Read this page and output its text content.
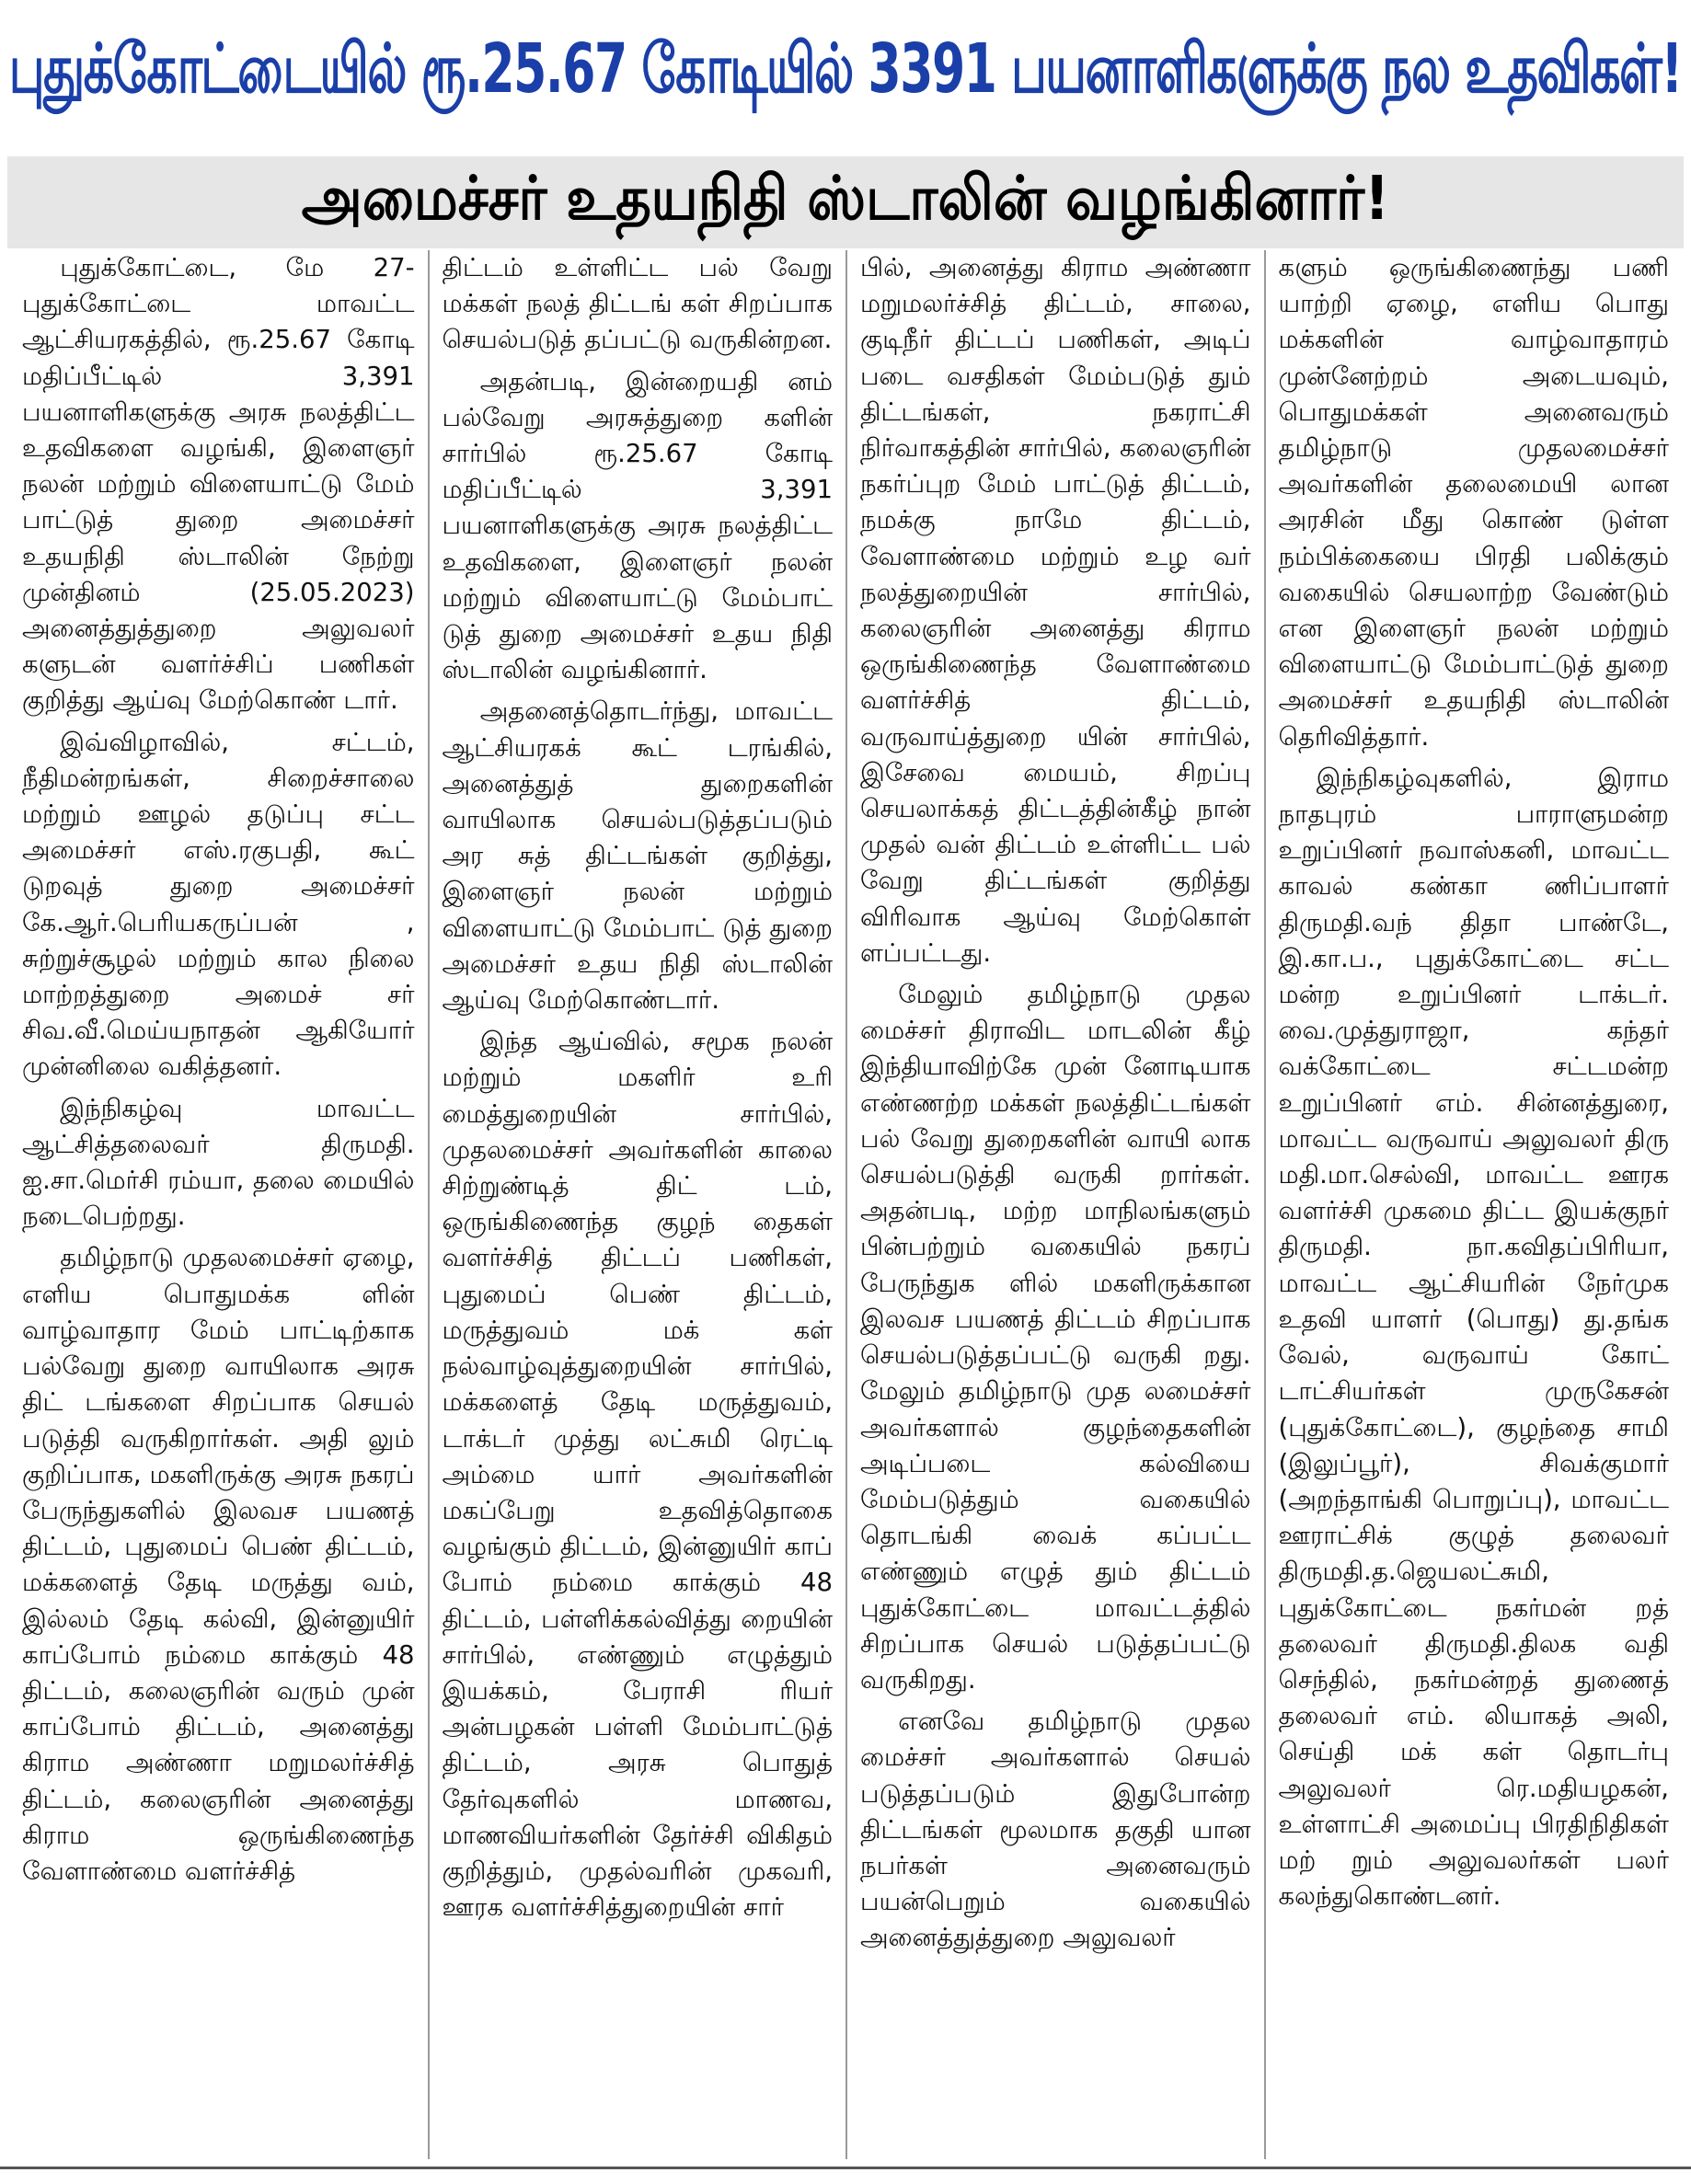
புதுக்கோட்டையில் ரூ.25.67 கோடியில் 3391 பயனாளிகளுக்கு நல உதவிகள்!
அமைச்சர் உதயநிதி ஸ்டாலின் வழங்கினார்!

புதுக்கோட்டை, மே 27- புதுக்கோட்டை மாவட்ட ஆட்சியரகத்தில், ரூ.25.67 கோடி மதிப்பீட்டில் 3,391 பயனாளிகளுக்கு அரசு நலத்திட்ட உதவிகளை வழங்கி, இளைஞர் நலன் மற்றும் விளையாட்டு மேம் பாட்டுத் துறை அமைச்சர் உதயநிதி ஸ்டாலின் நேற்று முன்தினம் (25.05.2023) அனைத்துத்துறை அலுவலர் களுடன் வளர்ச்சிப் பணிகள் குறித்து ஆய்வு மேற்கொண் டார்.

இவ்விழாவில், சட்டம், நீதிமன்றங்கள், சிறைச்சாலை மற்றும் ஊழல் தடுப்பு சட்ட அமைச்சர் எஸ்.ரகுபதி, கூட் டுறவுத் துறை அமைச்சர் கே.ஆர்.பெரியகருப்பன் , சுற்றுச்சூழல் மற்றும் கால நிலை மாற்றத்துறை அமைச் சர் சிவ.வீ.மெய்யநாதன் ஆகியோர் முன்னிலை வகித்தனர்.

இந்நிகழ்வு மாவட்ட ஆட்சித்தலைவர் திருமதி. ஐ.சா.மெர்சி ரம்யா, தலை மையில் நடைபெற்றது.

தமிழ்நாடு முதலமைச்சர் ஏழை, எளிய பொதுமக்க ளின் வாழ்வாதார மேம் பாட்டிற்காக பல்வேறு துறை வாயிலாக அரசு திட் டங்களை சிறப்பாக செயல் படுத்தி வருகிறார்கள். அதி லும் குறிப்பாக, மகளிருக்கு அரசு நகரப் பேருந்துகளில் இலவச பயணத் திட்டம், புதுமைப் பெண் திட்டம், மக்களைத் தேடி மருத்து வம், இல்லம் தேடி கல்வி, இன்னுயிர் காப்போம் நம்மை காக்கும் 48 திட்டம், கலைஞரின் வரும் முன் காப்போம் திட்டம், அனைத்து கிராம அண்ணா மறுமலர்ச்சித் திட்டம், கலைஞரின் அனைத்து கிராம ஒருங்கிணைந்த வேளாண்மை வளர்ச்சித்

திட்டம் உள்ளிட்ட பல் வேறு மக்கள் நலத் திட்டங் கள் சிறப்பாக செயல்படுத் தப்பட்டு வருகின்றன.

அதன்படி, இன்றையதி னம் பல்வேறு அரசுத்துறை களின் சார்பில் ரூ.25.67 கோடி மதிப்பீட்டில் 3,391 பயனாளிகளுக்கு அரசு நலத்திட்ட உதவிகளை, இளைஞர் நலன் மற்றும் விளையாட்டு மேம்பாட் டுத் துறை அமைச்சர் உதய நிதி ஸ்டாலின் வழங்கினார்.

அதனைத்தொடர்ந்து, மாவட்ட ஆட்சியரகக் கூட் டரங்கில், அனைத்துத் துறைகளின் வாயிலாக செயல்படுத்தப்படும் அர சுத் திட்டங்கள் குறித்து, இளைஞர் நலன் மற்றும் விளையாட்டு மேம்பாட் டுத் துறை அமைச்சர் உதய நிதி ஸ்டாலின் ஆய்வு மேற்கொண்டார்.

இந்த ஆய்வில், சமூக நலன் மற்றும் மகளிர் உரி மைத்துறையின் சார்பில், முதலமைச்சர் அவர்களின் காலை சிற்றுண்டித் திட் டம், ஒருங்கிணைந்த குழந் தைகள் வளர்ச்சித் திட்டப் பணிகள், புதுமைப் பெண் திட்டம், மருத்துவம் மக் கள் நல்வாழ்வுத்துறையின் சார்பில், மக்களைத் தேடி மருத்துவம், டாக்டர் முத்து லட்சுமி ரெட்டி அம்மை யார் அவர்களின் மகப்பேறு உதவித்தொகை வழங்கும் திட்டம், இன்னுயிர் காப் போம் நம்மை காக்கும் 48 திட்டம், பள்ளிக்கல்வித்து றையின் சார்பில், எண்ணும் எழுத்தும் இயக்கம், பேராசி ரியர் அன்பழகன் பள்ளி மேம்பாட்டுத் திட்டம், அரசு பொதுத் தேர்வுகளில் மாணவ, மாணவியர்களின் தேர்ச்சி விகிதம் குறித்தும், முதல்வரின் முகவரி, ஊரக வளர்ச்சித்துறையின் சார்

பில், அனைத்து கிராம அண்ணா மறுமலர்ச்சித் திட்டம், சாலை, குடிநீர் திட்டப் பணிகள், அடிப் படை வசதிகள் மேம்படுத் தும் திட்டங்கள், நகராட்சி நிர்வாகத்தின் சார்பில், கலைஞரின் நகர்ப்புற மேம் பாட்டுத் திட்டம், நமக்கு நாமே திட்டம், வேளாண்மை மற்றும் உழ வர் நலத்துறையின் சார்பில், கலைஞரின் அனைத்து கிராம ஒருங்கிணைந்த வேளாண்மை வளர்ச்சித் திட்டம், வருவாய்த்துறை யின் சார்பில், இசேவை மையம், சிறப்பு செயலாக்கத் திட்டத்தின்கீழ் நான் முதல் வன் திட்டம் உள்ளிட்ட பல் வேறு திட்டங்கள் குறித்து விரிவாக ஆய்வு மேற்கொள் ளப்பட்டது.

மேலும் தமிழ்நாடு முதல மைச்சர் திராவிட மாடலின் கீழ் இந்தியாவிற்கே முன் னோடியாக எண்ணற்ற மக்கள் நலத்திட்டங்கள் பல் வேறு துறைகளின் வாயி லாக செயல்படுத்தி வருகி றார்கள். அதன்படி, மற்ற மாநிலங்களும் பின்பற்றும் வகையில் நகரப் பேருந்துக ளில் மகளிருக்கான இலவச பயணத் திட்டம் சிறப்பாக செயல்படுத்தப்பட்டு வருகி றது. மேலும் தமிழ்நாடு முத லமைச்சர் அவர்களால் குழந்தைகளின் அடிப்படை கல்வியை மேம்படுத்தும் வகையில் தொடங்கி வைக் கப்பட்ட எண்ணும் எழுத் தும் திட்டம் புதுக்கோட்டை மாவட்டத்தில் சிறப்பாக செயல் படுத்தப்பட்டு வருகிறது.

எனவே தமிழ்நாடு முதல மைச்சர் அவர்களால் செயல் படுத்தப்படும் இதுபோன்ற திட்டங்கள் மூலமாக தகுதி யான நபர்கள் அனைவரும் பயன்பெறும் வகையில் அனைத்துத்துறை அலுவலர்

களும் ஒருங்கிணைந்து பணி யாற்றி ஏழை, எளிய பொது மக்களின் வாழ்வாதாரம் முன்னேற்றம் அடையவும், பொதுமக்கள் அனைவரும் தமிழ்நாடு முதலமைச்சர் அவர்களின் தலைமையி லான அரசின் மீது கொண் டுள்ள நம்பிக்கையை பிரதி பலிக்கும் வகையில் செயலாற்ற வேண்டும் என இளைஞர் நலன் மற்றும் விளையாட்டு மேம்பாட்டுத் துறை அமைச்சர் உதயநிதி ஸ்டாலின் தெரிவித்தார்.

இந்நிகழ்வுகளில், இராம நாதபுரம் பாராளுமன்ற உறுப்பினர் நவாஸ்கனி, மாவட்ட காவல் கண்கா ணிப்பாளர் திருமதி.வந் திதா பாண்டே, இ.கா.ப., புதுக்கோட்டை சட்ட மன்ற உறுப்பினர் டாக்டர். வை.முத்துராஜா, கந்தர் வக்கோட்டை சட்டமன்ற உறுப்பினர் எம். சின்னத்துரை, மாவட்ட வருவாய் அலுவலர் திரு மதி.மா.செல்வி, மாவட்ட ஊரக வளர்ச்சி முகமை திட்ட இயக்குநர் திருமதி. நா.கவிதப்பிரியா, மாவட்ட ஆட்சியரின் நேர்முக உதவி யாளர் (பொது) து.தங்க வேல், வருவாய் கோட் டாட்சியர்கள் முருகேசன் (புதுக்கோட்டை), குழந்தை சாமி (இலுப்பூர்), சிவக்குமார் (அறந்தாங்கி பொறுப்பு), மாவட்ட ஊராட்சிக் குழுத் தலைவர் திருமதி.த.ஜெயலட்சுமி, புதுக்கோட்டை நகர்மன் றத் தலைவர் திருமதி.திலக வதி செந்தில், நகர்மன்றத் துணைத் தலைவர் எம். லியாகத் அலி, செய்தி மக் கள் தொடர்பு அலுவலர் ரெ.மதியழகன், உள்ளாட்சி அமைப்பு பிரதிநிதிகள் மற் றும் அலுவலர்கள் பலர் கலந்துகொண்டனர்.
